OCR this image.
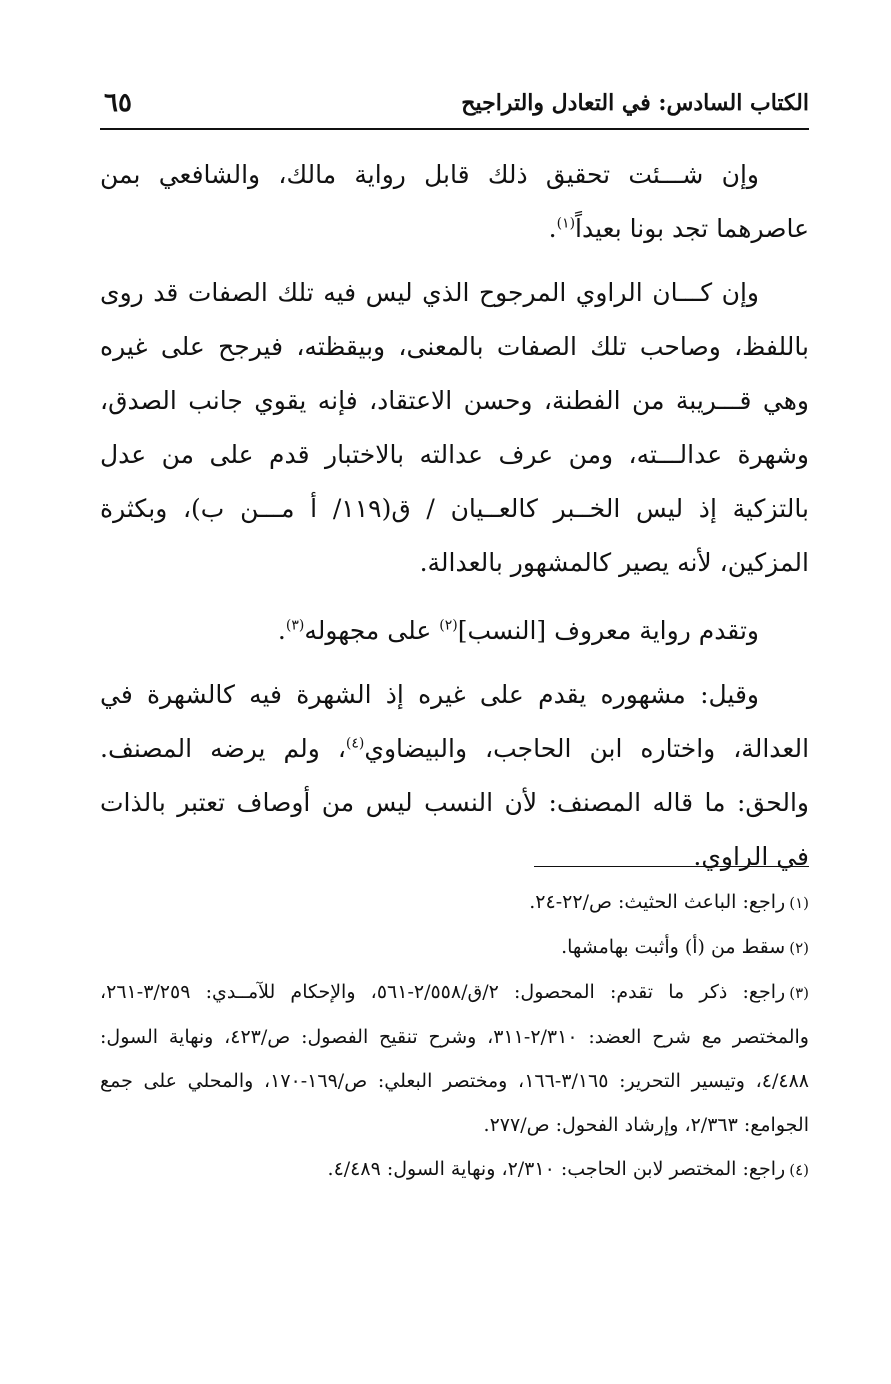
الكتاب السادس: في التعادل والتراجيح
٦٥

وإن شـــئت تحقيق ذلك قابل رواية مالك، والشافعي بمن عاصرهما تجد بونا بعيداً$^{(١)}$.

وإن كـــان الراوي المرجوح الذي ليس فيه تلك الصفات قد روى باللفظ، وصاحب تلك الصفات بالمعنى، وبيقظته، فيرجح على غيره وهي قـــريبة من الفطنة، وحسن الاعتقاد، فإنه يقوي جانب الصدق، وشهرة عدالـــته، ومن عرف عدالته بالاختبار قدم على من عدل بالتزكية إذ ليس الخــبر كالعــيان / ق(١١٩/ أ مـــن ب)، وبكثرة المزكين، لأنه يصير كالمشهور بالعدالة.

وتقدم رواية معروف [النسب]$^{(٢)}$ على مجهوله$^{(٣)}$.

وقيل: مشهوره يقدم على غيره إذ الشهرة فيه كالشهرة في العدالة، واختاره ابن الحاجب، والبيضاوي$^{(٤)}$، ولم يرضه المصنف. والحق: ما قاله المصنف: لأن النسب ليس من أوصاف تعتبر بالذات في الراوي.

(١)راجع: الباعث الحثيث: ص/٢٢-٢٤.

(٢)سقط من (أ) وأثبت بهامشها.

(٣)راجع: ذكر ما تقدم: المحصول: ٢/ق/٢/٥٥٨-٥٦١، والإحكام للآمــدي: ٣/٢٥٩-٢٦١، والمختصر مع شرح العضد: ٢/٣١٠-٣١١، وشرح تنقيح الفصول: ص/٤٢٣، ونهاية السول: ٤/٤٨٨، وتيسير التحرير: ٣/١٦٥-١٦٦، ومختصر البعلي: ص/١٦٩-١٧٠، والمحلي على جمع الجوامع: ٢/٣٦٣، وإرشاد الفحول: ص/٢٧٧.

(٤)راجع: المختصر لابن الحاجب: ٢/٣١٠، ونهاية السول: ٤/٤٨٩.
